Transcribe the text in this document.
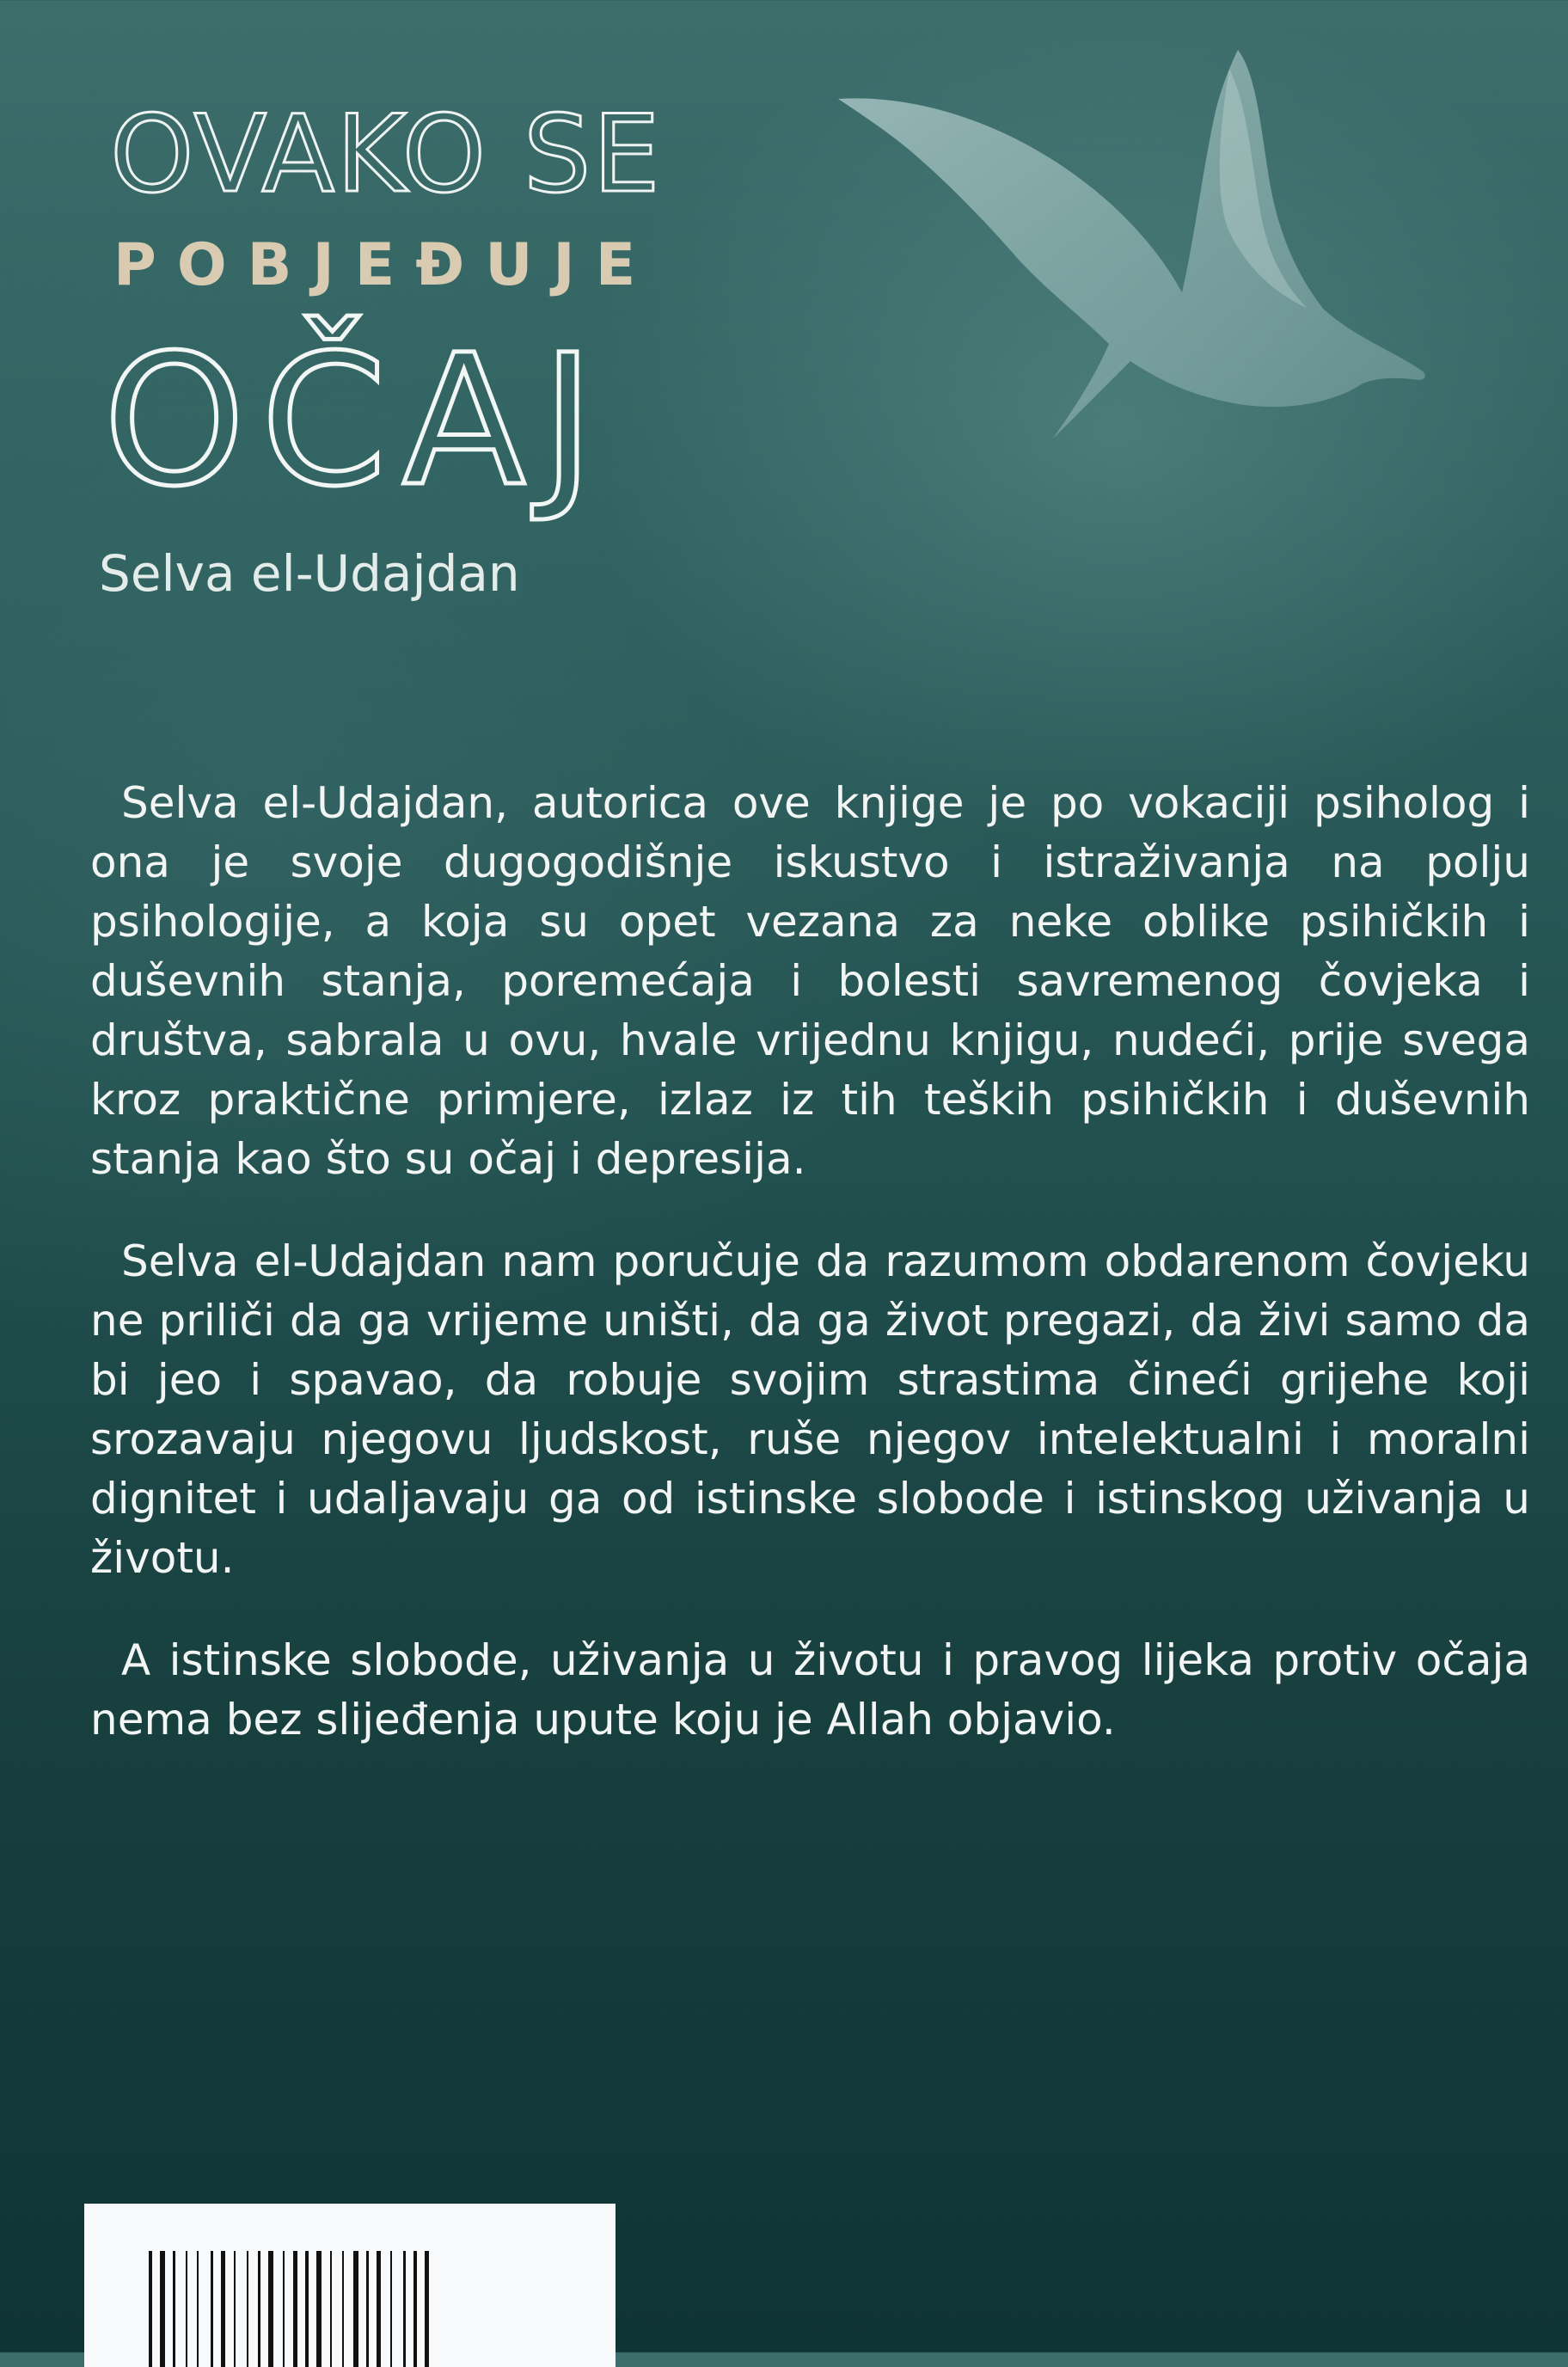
OVAKO SE
POBJEĐUJE
OČAJ
Selva el-Udajdan

Selva el-Udajdan, autorica ove knjige je po vokaciji psiholog i ona je svoje dugogodišnje iskustvo i istraživanja na polju psihologije, a koja su opet vezana za neke oblike psihičkih i duševnih stanja, poremećaja i bolesti savremenog čovjeka i društva, sabrala u ovu, hvale vrijednu knjigu, nudeći, prije svega kroz praktične primjere, izlaz iz tih teških psihičkih i duševnih stanja kao što su očaj i depresija.

Selva el-Udajdan nam poručuje da razumom obdarenom čovjeku ne priliči da ga vrijeme uništi, da ga život pregazi, da živi samo da bi jeo i spavao, da robuje svojim strastima čineći grijehe koji srozavaju njegovu ljudskost, ruše njegov intelektualni i moralni dignitet i udaljavaju ga od istinske slobode i istinskog uživanja u životu.

A istinske slobode, uživanja u životu i pravog lijeka protiv očaja nema bez slijeđenja upute koju je Allah objavio.
